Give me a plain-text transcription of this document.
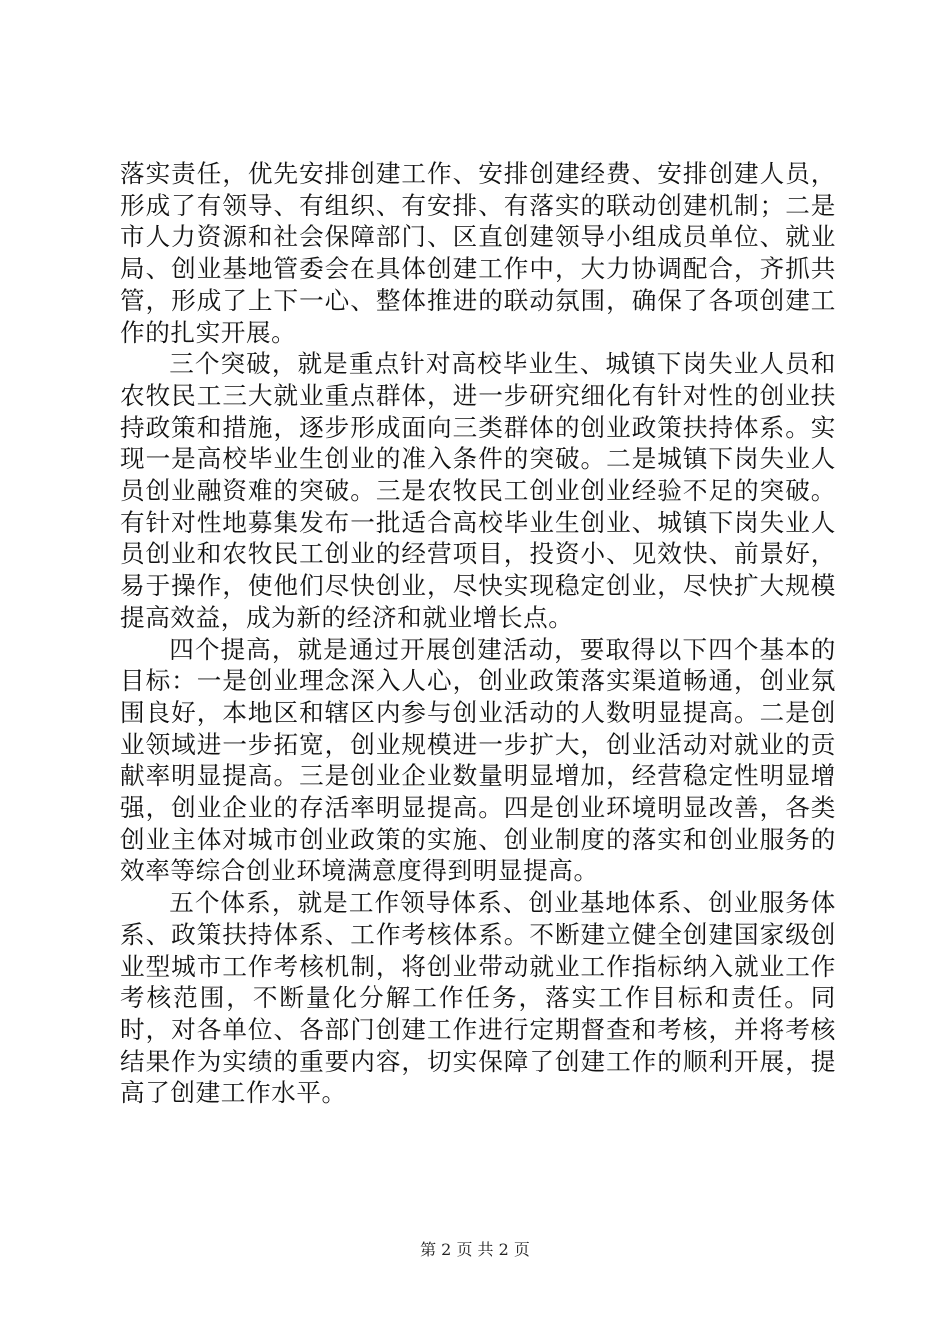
落实责任，优先安排创建工作、安排创建经费、安排创建人员，形成了有领导、有组织、有安排、有落实的联动创建机制；二是市人力资源和社会保障部门、区直创建领导小组成员单位、就业局、创业基地管委会在具体创建工作中，大力协调配合，齐抓共管，形成了上下一心、整体推进的联动氛围，确保了各项创建工作的扎实开展。

三个突破，就是重点针对高校毕业生、城镇下岗失业人员和农牧民工三大就业重点群体，进一步研究细化有针对性的创业扶持政策和措施，逐步形成面向三类群体的创业政策扶持体系。实现一是高校毕业生创业的准入条件的突破。二是城镇下岗失业人员创业融资难的突破。三是农牧民工创业创业经验不足的突破。有针对性地募集发布一批适合高校毕业生创业、城镇下岗失业人员创业和农牧民工创业的经营项目，投资小、见效快、前景好，易于操作，使他们尽快创业，尽快实现稳定创业，尽快扩大规模提高效益，成为新的经济和就业增长点。

四个提高，就是通过开展创建活动，要取得以下四个基本的目标：一是创业理念深入人心，创业政策落实渠道畅通，创业氛围良好，本地区和辖区内参与创业活动的人数明显提高。二是创业领域进一步拓宽，创业规模进一步扩大，创业活动对就业的贡献率明显提高。三是创业企业数量明显增加，经营稳定性明显增强，创业企业的存活率明显提高。四是创业环境明显改善，各类创业主体对城市创业政策的实施、创业制度的落实和创业服务的效率等综合创业环境满意度得到明显提高。

五个体系，就是工作领导体系、创业基地体系、创业服务体系、政策扶持体系、工作考核体系。不断建立健全创建国家级创业型城市工作考核机制，将创业带动就业工作指标纳入就业工作考核范围，不断量化分解工作任务，落实工作目标和责任。同时，对各单位、各部门创建工作进行定期督查和考核，并将考核结果作为实绩的重要内容，切实保障了创建工作的顺利开展，提高了创建工作水平。

第 2 页 共 2 页
